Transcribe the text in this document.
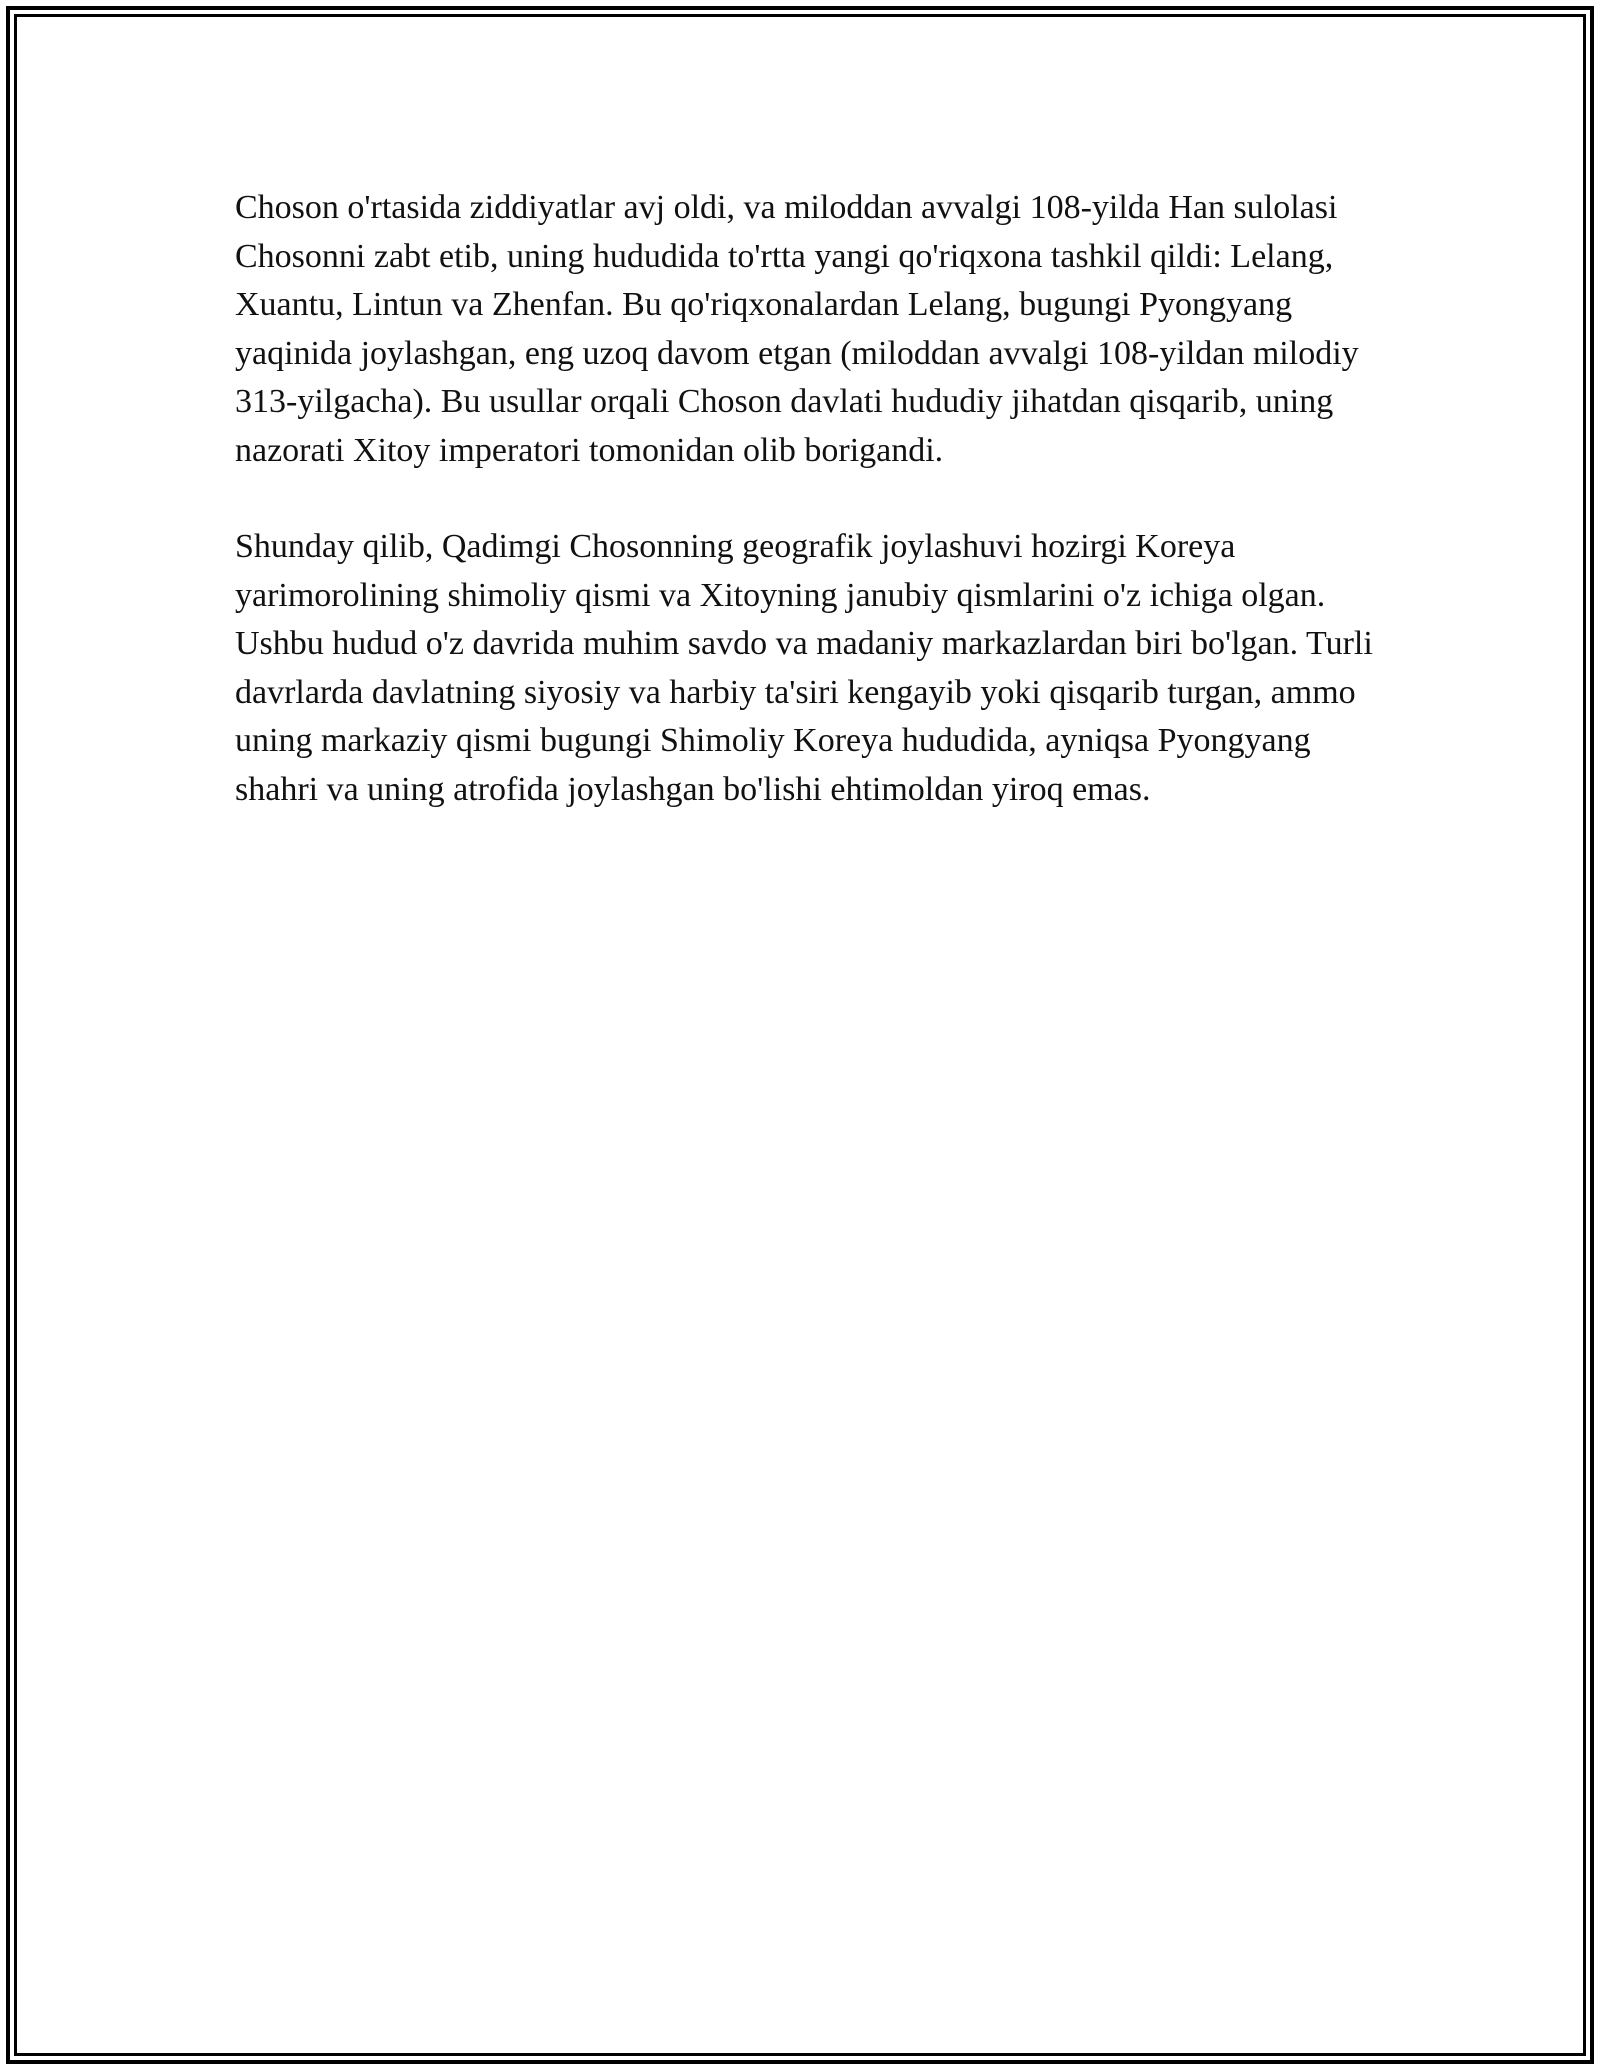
Choson o'rtasida ziddiyatlar avj oldi, va miloddan avvalgi 108-yilda Han sulolasi Chosonni zabt etib, uning hududida to'rtta yangi qo'riqxona tashkil qildi: Lelang, Xuantu, Lintun va Zhenfan. Bu qo'riqxonalardan Lelang, bugungi Pyongyang yaqinida joylashgan, eng uzoq davom etgan (miloddan avvalgi 108-yildan milodiy 313-yilgacha). Bu usullar orqali Choson davlati hududiy jihatdan qisqarib, uning nazorati Xitoy imperatori tomonidan olib borigandi.

Shunday qilib, Qadimgi Chosonning geografik joylashuvi hozirgi Koreya yarimorolining shimoliy qismi va Xitoyning janubiy qismlarini o'z ichiga olgan. Ushbu hudud o'z davrida muhim savdo va madaniy markazlardan biri bo'lgan. Turli davrlarda davlatning siyosiy va harbiy ta'siri kengayib yoki qisqarib turgan, ammo uning markaziy qismi bugungi Shimoliy Koreya hududida, ayniqsa Pyongyang shahri va uning atrofida joylashgan bo'lishi ehtimoldan yiroq emas.
